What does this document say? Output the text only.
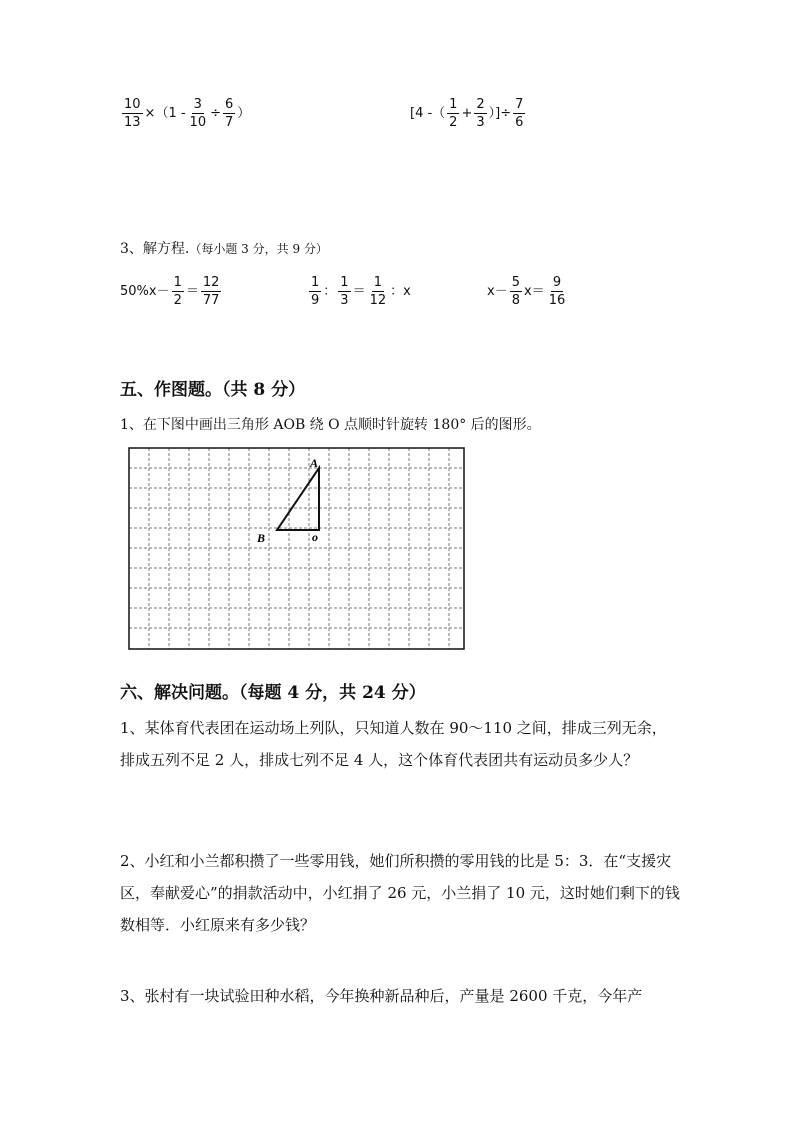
$\frac{10}{13} \times(1 - \frac{3}{10} \div \frac{6}{7}$ ）	[4 -（ $\frac{1}{2} + \frac{2}{3}$ ）]÷ $\frac{7}{6}$
3、解方程.（每小题 3 分，共 9 分）
$50\%x- \frac{1}{2} = \frac{12}{77}$	$\frac{1}{9}$ ： $\frac{1}{3} = \frac{1}{12}$ ：x	$x- \frac{5}{8} x= \frac{9}{16}$
五、作图题。（共 8 分）
1、在下图中画出三角形 AOB 绕 O 点顺时针旋转 180° 后的图形。
A
B	o
六、解决问题。（每题 4 分，共 24 分）
1、某体育代表团在运动场上列队，只知道人数在 90～110 之间，排成三列无余，排成五列不足 2 人，排成七列不足 4 人，这个体育代表团共有运动员多少人？
2、小红和小兰都积攒了一些零用钱，她们所积攒的零用钱的比是 5：3．在“支援灾区，奉献爱心”的捐款活动中，小红捐了 26 元，小兰捐了 10 元，这时她们剩下的钱数相等．小红原来有多少钱？
3、张村有一块试验田种水稻，今年换种新品种后，产量是 2600 千克，今年产
